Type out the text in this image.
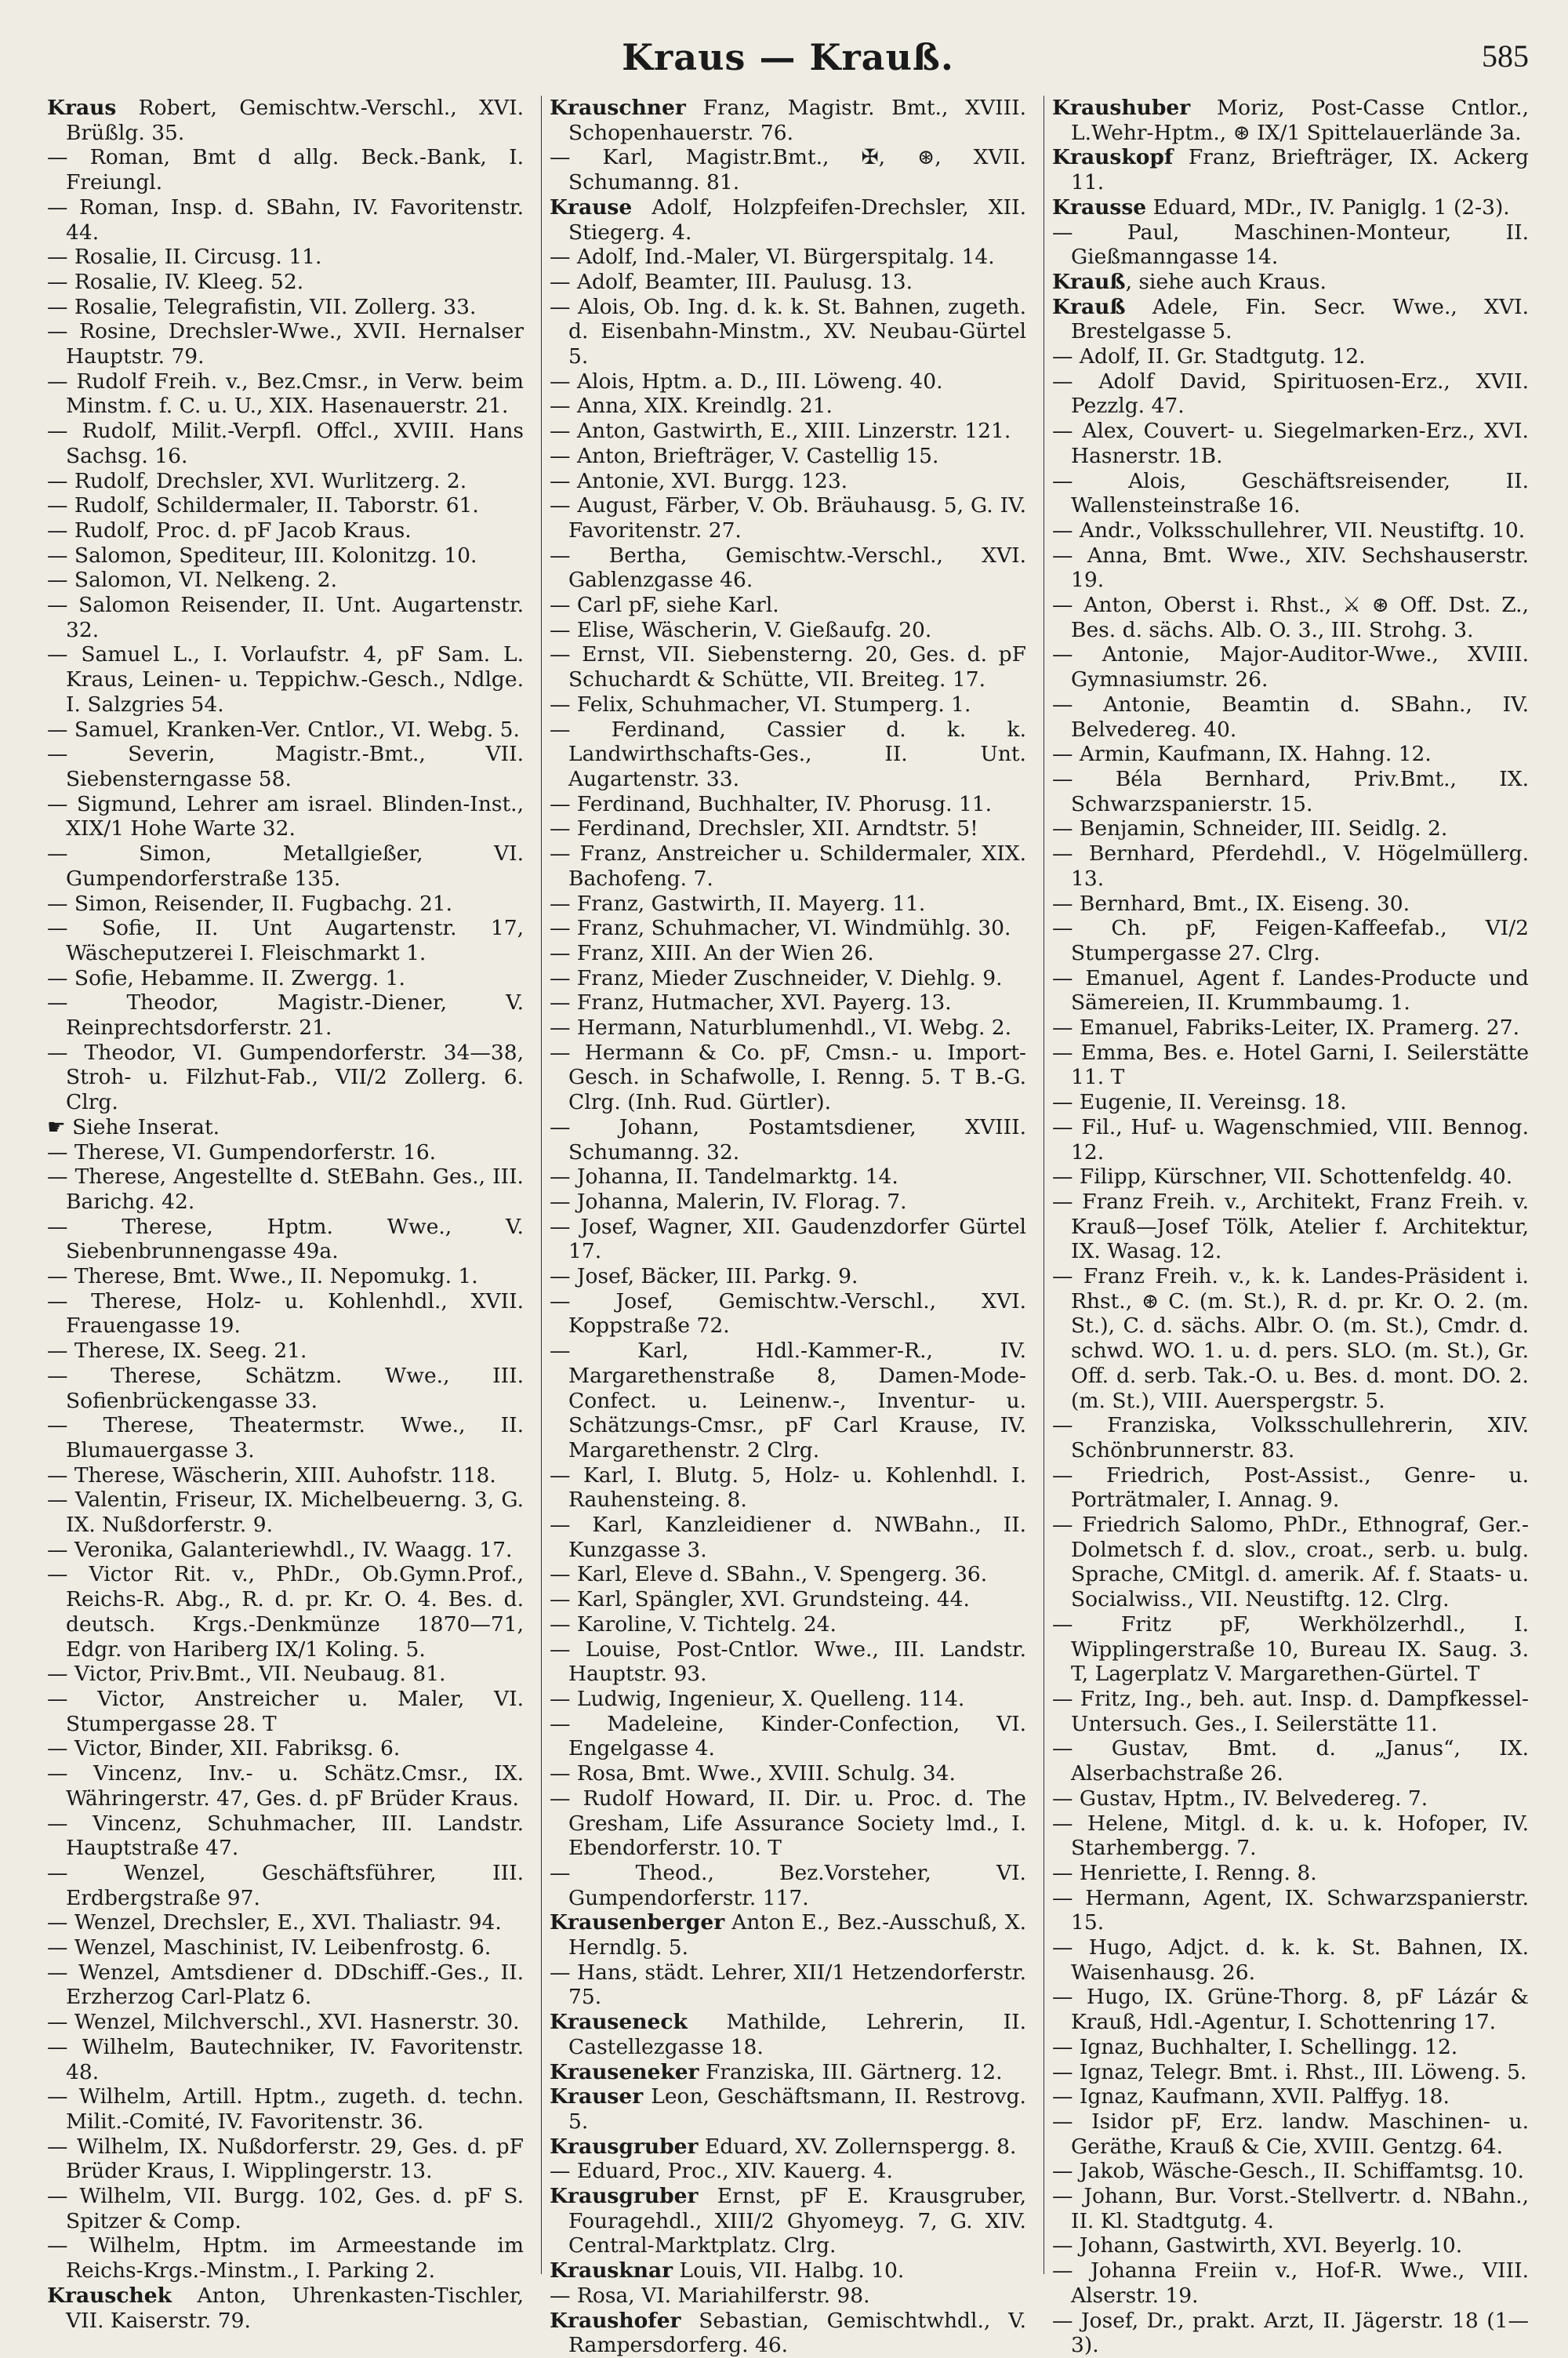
Kraus — Krauß.	585

Kraus Robert, Gemischtw.-Verschl., XVI. Brüßlg. 35.

— Roman, Bmt d allg. Beck.-Bank, I. Freiungl.

— Roman, Insp. d. SBahn, IV. Favoritenstr. 44.

— Rosalie, II. Circusg. 11.

— Rosalie, IV. Kleeg. 52.

— Rosalie, Telegrafistin, VII. Zollerg. 33.

— Rosine, Drechsler-Wwe., XVII. Hernalser Hauptstr. 79.

— Rudolf Freih. v., Bez.Cmsr., in Verw. beim Minstm. f. C. u. U., XIX. Hasenauerstr. 21.

— Rudolf, Milit.-Verpfl. Offcl., XVIII. Hans Sachsg. 16.

— Rudolf, Drechsler, XVI. Wurlitzerg. 2.

— Rudolf, Schildermaler, II. Taborstr. 61.

— Rudolf, Proc. d. pF Jacob Kraus.

— Salomon, Spediteur, III. Kolonitzg. 10.

— Salomon, VI. Nelkeng. 2.

— Salomon Reisender, II. Unt. Augartenstr. 32.

— Samuel L., I. Vorlaufstr. 4, pF Sam. L. Kraus, Leinen- u. Teppichw.-Gesch., Ndlge. I. Salzgries 54.

— Samuel, Kranken-Ver. Cntlor., VI. Webg. 5.

— Severin, Magistr.-Bmt., VII. Siebensterngasse 58.

— Sigmund, Lehrer am israel. Blinden-Inst., XIX/1 Hohe Warte 32.

— Simon, Metallgießer, VI. Gumpendorferstraße 135.

— Simon, Reisender, II. Fugbachg. 21.

— Sofie, II. Unt Augartenstr. 17, Wäscheputzerei I. Fleischmarkt 1.

— Sofie, Hebamme. II. Zwergg. 1.

— Theodor, Magistr.-Diener, V. Reinprechtsdorferstr. 21.

— Theodor, VI. Gumpendorferstr. 34—38, Stroh- u. Filzhut-Fab., VII/2 Zollerg. 6. Clrg.

☛ Siehe Inserat.

— Therese, VI. Gumpendorferstr. 16.

— Therese, Angestellte d. StEBahn. Ges., III. Barichg. 42.

— Therese, Hptm. Wwe., V. Siebenbrunnengasse 49a.

— Therese, Bmt. Wwe., II. Nepomukg. 1.

— Therese, Holz- u. Kohlenhdl., XVII. Frauengasse 19.

— Therese, IX. Seeg. 21.

— Therese, Schätzm. Wwe., III. Sofienbrückengasse 33.

— Therese, Theatermstr. Wwe., II. Blumauergasse 3.

— Therese, Wäscherin, XIII. Auhofstr. 118.

— Valentin, Friseur, IX. Michelbeuerng. 3, G. IX. Nußdorferstr. 9.

— Veronika, Galanteriewhdl., IV. Waagg. 17.

— Victor Rit. v., PhDr., Ob.Gymn.Prof., Reichs-R. Abg., R. d. pr. Kr. O. 4. Bes. d. deutsch. Krgs.-Denkmünze 1870—71, Edgr. von Hariberg IX/1 Koling. 5.

— Victor, Priv.Bmt., VII. Neubaug. 81.

— Victor, Anstreicher u. Maler, VI. Stumpergasse 28. T

— Victor, Binder, XII. Fabriksg. 6.

— Vincenz, Inv.- u. Schätz.Cmsr., IX. Währingerstr. 47, Ges. d. pF Brüder Kraus.

— Vincenz, Schuhmacher, III. Landstr. Hauptstraße 47.

— Wenzel, Geschäftsführer, III. Erdbergstraße 97.

— Wenzel, Drechsler, E., XVI. Thaliastr. 94.

— Wenzel, Maschinist, IV. Leibenfrostg. 6.

— Wenzel, Amtsdiener d. DDschiff.-Ges., II. Erzherzog Carl-Platz 6.

— Wenzel, Milchverschl., XVI. Hasnerstr. 30.

— Wilhelm, Bautechniker, IV. Favoritenstr. 48.

— Wilhelm, Artill. Hptm., zugeth. d. techn. Milit.-Comité, IV. Favoritenstr. 36.

— Wilhelm, IX. Nußdorferstr. 29, Ges. d. pF Brüder Kraus, I. Wipplingerstr. 13.

— Wilhelm, VII. Burgg. 102, Ges. d. pF S. Spitzer & Comp.

— Wilhelm, Hptm. im Armeestande im Reichs-Krgs.-Minstm., I. Parking 2.

Krauschek Anton, Uhrenkasten-Tischler, VII. Kaiserstr. 79.

Krauschner Franz, Magistr. Bmt., XVIII. Schopenhauerstr. 76.

— Karl, Magistr.Bmt., ✠, ⊛, XVII. Schumanng. 81.

Krause Adolf, Holzpfeifen-Drechsler, XII. Stiegerg. 4.

— Adolf, Ind.-Maler, VI. Bürgerspitalg. 14.

— Adolf, Beamter, III. Paulusg. 13.

— Alois, Ob. Ing. d. k. k. St. Bahnen, zugeth. d. Eisenbahn-Minstm., XV. Neubau-Gürtel 5.

— Alois, Hptm. a. D., III. Löweng. 40.

— Anna, XIX. Kreindlg. 21.

— Anton, Gastwirth, E., XIII. Linzerstr. 121.

— Anton, Briefträger, V. Castellig 15.

— Antonie, XVI. Burgg. 123.

— August, Färber, V. Ob. Bräuhausg. 5, G. IV. Favoritenstr. 27.

— Bertha, Gemischtw.-Verschl., XVI. Gablenzgasse 46.

— Carl pF, siehe Karl.

— Elise, Wäscherin, V. Gießaufg. 20.

— Ernst, VII. Siebensterng. 20, Ges. d. pF Schuchardt & Schütte, VII. Breiteg. 17.

— Felix, Schuhmacher, VI. Stumperg. 1.

— Ferdinand, Cassier d. k. k. Landwirthschafts-Ges., II. Unt. Augartenstr. 33.

— Ferdinand, Buchhalter, IV. Phorusg. 11.

— Ferdinand, Drechsler, XII. Arndtstr. 5!

— Franz, Anstreicher u. Schildermaler, XIX. Bachofeng. 7.

— Franz, Gastwirth, II. Mayerg. 11.

— Franz, Schuhmacher, VI. Windmühlg. 30.

— Franz, XIII. An der Wien 26.

— Franz, Mieder Zuschneider, V. Diehlg. 9.

— Franz, Hutmacher, XVI. Payerg. 13.

— Hermann, Naturblumenhdl., VI. Webg. 2.

— Hermann & Co. pF, Cmsn.- u. Import-Gesch. in Schafwolle, I. Renng. 5. T B.-G. Clrg. (Inh. Rud. Gürtler).

— Johann, Postamtsdiener, XVIII. Schumanng. 32.

— Johanna, II. Tandelmarktg. 14.

— Johanna, Malerin, IV. Florag. 7.

— Josef, Wagner, XII. Gaudenzdorfer Gürtel 17.

— Josef, Bäcker, III. Parkg. 9.

— Josef, Gemischtw.-Verschl., XVI. Koppstraße 72.

— Karl, Hdl.-Kammer-R., IV. Margarethenstraße 8, Damen-Mode-Confect. u. Leinenw.-, Inventur- u. Schätzungs-Cmsr., pF Carl Krause, IV. Margarethenstr. 2 Clrg.

— Karl, I. Blutg. 5, Holz- u. Kohlenhdl. I. Rauhensteing. 8.

— Karl, Kanzleidiener d. NWBahn., II. Kunzgasse 3.

— Karl, Eleve d. SBahn., V. Spengerg. 36.

— Karl, Spängler, XVI. Grundsteing. 44.

— Karoline, V. Tichtelg. 24.

— Louise, Post-Cntlor. Wwe., III. Landstr. Hauptstr. 93.

— Ludwig, Ingenieur, X. Quelleng. 114.

— Madeleine, Kinder-Confection, VI. Engelgasse 4.

— Rosa, Bmt. Wwe., XVIII. Schulg. 34.

— Rudolf Howard, II. Dir. u. Proc. d. The Gresham, Life Assurance Society lmd., I. Ebendorferstr. 10. T

— Theod., Bez.Vorsteher, VI. Gumpendorferstr. 117.

Krausenberger Anton E., Bez.-Ausschuß, X. Herndlg. 5.

— Hans, städt. Lehrer, XII/1 Hetzendorferstr. 75.

Krauseneck Mathilde, Lehrerin, II. Castellezgasse 18.

Krauseneker Franziska, III. Gärtnerg. 12.

Krauser Leon, Geschäftsmann, II. Restrovg. 5.

Krausgruber Eduard, XV. Zollernspergg. 8.

— Eduard, Proc., XIV. Kauerg. 4.

Krausgruber Ernst, pF E. Krausgruber, Fouragehdl., XIII/2 Ghyomeyg. 7, G. XIV. Central-Marktplatz. Clrg.

Krausknar Louis, VII. Halbg. 10.

— Rosa, VI. Mariahilferstr. 98.

Kraushofer Sebastian, Gemischtwhdl., V. Rampersdorferg. 46.

Kraushuber Moriz, Post-Casse Cntlor., L.Wehr-Hptm., ⊛ IX/1 Spittelauerlände 3a.

Krauskopf Franz, Briefträger, IX. Ackerg 11.

Krausse Eduard, MDr., IV. Paniglg. 1 (2-3).

— Paul, Maschinen-Monteur, II. Gießmanngasse 14.

Krauß, siehe auch Kraus.

Krauß Adele, Fin. Secr. Wwe., XVI. Brestelgasse 5.

— Adolf, II. Gr. Stadtgutg. 12.

— Adolf David, Spirituosen-Erz., XVII. Pezzlg. 47.

— Alex, Couvert- u. Siegelmarken-Erz., XVI. Hasnerstr. 1B.

— Alois, Geschäftsreisender, II. Wallensteinstraße 16.

— Andr., Volksschullehrer, VII. Neustiftg. 10.

— Anna, Bmt. Wwe., XIV. Sechshauserstr. 19.

— Anton, Oberst i. Rhst., ⚔ ⊛ Off. Dst. Z., Bes. d. sächs. Alb. O. 3., III. Strohg. 3.

— Antonie, Major-Auditor-Wwe., XVIII. Gymnasiumstr. 26.

— Antonie, Beamtin d. SBahn., IV. Belvedereg. 40.

— Armin, Kaufmann, IX. Hahng. 12.

— Béla Bernhard, Priv.Bmt., IX. Schwarzspanierstr. 15.

— Benjamin, Schneider, III. Seidlg. 2.

— Bernhard, Pferdehdl., V. Högelmüllerg. 13.

— Bernhard, Bmt., IX. Eiseng. 30.

— Ch. pF, Feigen-Kaffeefab., VI/2 Stumpergasse 27. Clrg.

— Emanuel, Agent f. Landes-Producte und Sämereien, II. Krummbaumg. 1.

— Emanuel, Fabriks-Leiter, IX. Pramerg. 27.

— Emma, Bes. e. Hotel Garni, I. Seilerstätte 11. T

— Eugenie, II. Vereinsg. 18.

— Fil., Huf- u. Wagenschmied, VIII. Bennog. 12.

— Filipp, Kürschner, VII. Schottenfeldg. 40.

— Franz Freih. v., Architekt, Franz Freih. v. Krauß—Josef Tölk, Atelier f. Architektur, IX. Wasag. 12.

— Franz Freih. v., k. k. Landes-Präsident i. Rhst., ⊛ C. (m. St.), R. d. pr. Kr. O. 2. (m. St.), C. d. sächs. Albr. O. (m. St.), Cmdr. d. schwd. WO. 1. u. d. pers. SLO. (m. St.), Gr. Off. d. serb. Tak.-O. u. Bes. d. mont. DO. 2. (m. St.), VIII. Auerspergstr. 5.

— Franziska, Volksschullehrerin, XIV. Schönbrunnerstr. 83.

— Friedrich, Post-Assist., Genre- u. Porträtmaler, I. Annag. 9.

— Friedrich Salomo, PhDr., Ethnograf, Ger.-Dolmetsch f. d. slov., croat., serb. u. bulg. Sprache, CMitgl. d. amerik. Af. f. Staats- u. Socialwiss., VII. Neustiftg. 12. Clrg.

— Fritz pF, Werkhölzerhdl., I. Wipplingerstraße 10, Bureau IX. Saug. 3. T, Lagerplatz V. Margarethen-Gürtel. T

— Fritz, Ing., beh. aut. Insp. d. Dampfkessel-Untersuch. Ges., I. Seilerstätte 11.

— Gustav, Bmt. d. „Janus“, IX. Alserbachstraße 26.

— Gustav, Hptm., IV. Belvedereg. 7.

— Helene, Mitgl. d. k. u. k. Hofoper, IV. Starhembergg. 7.

— Henriette, I. Renng. 8.

— Hermann, Agent, IX. Schwarzspanierstr. 15.

— Hugo, Adjct. d. k. k. St. Bahnen, IX. Waisenhausg. 26.

— Hugo, IX. Grüne-Thorg. 8, pF Lázár & Krauß, Hdl.-Agentur, I. Schottenring 17.

— Ignaz, Buchhalter, I. Schellingg. 12.

— Ignaz, Telegr. Bmt. i. Rhst., III. Löweng. 5.

— Ignaz, Kaufmann, XVII. Palffyg. 18.

— Isidor pF, Erz. landw. Maschinen- u. Geräthe, Krauß & Cie, XVIII. Gentzg. 64.

— Jakob, Wäsche-Gesch., II. Schiffamtsg. 10.

— Johann, Bur. Vorst.-Stellvertr. d. NBahn., II. Kl. Stadtgutg. 4.

— Johann, Gastwirth, XVI. Beyerlg. 10.

— Johanna Freiin v., Hof-R. Wwe., VIII. Alserstr. 19.

— Josef, Dr., prakt. Arzt, II. Jägerstr. 18 (1—3).
